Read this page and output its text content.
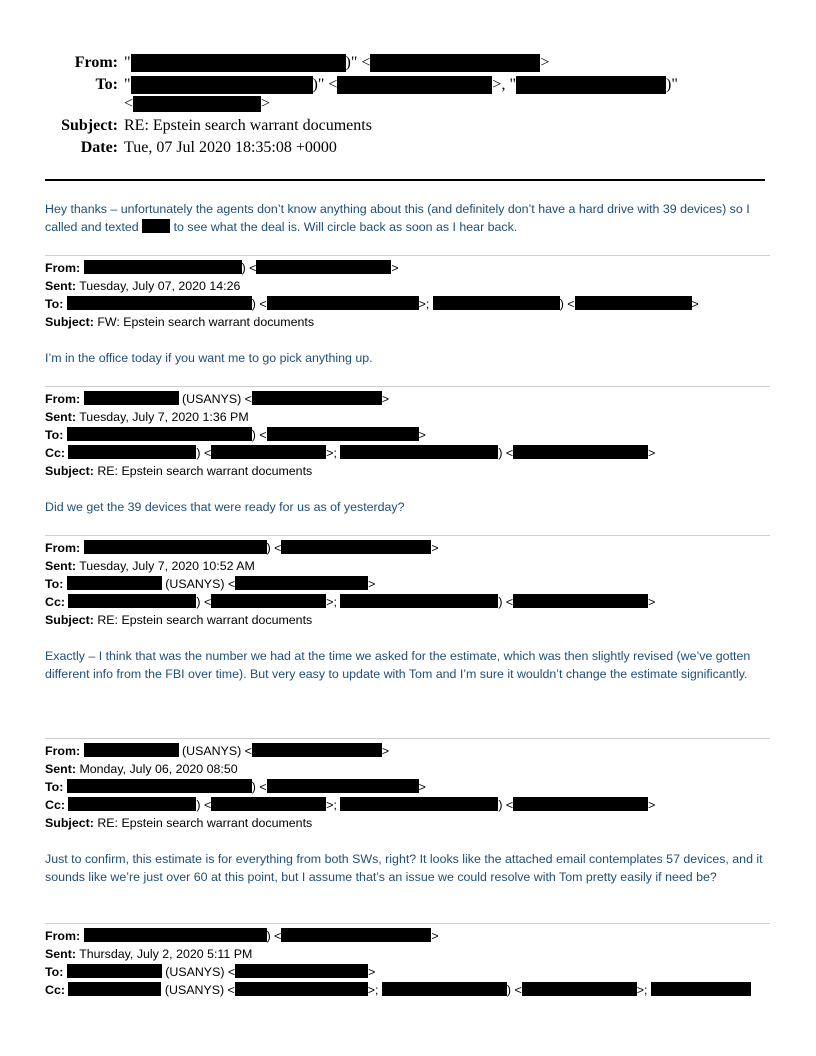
From: "	)" <	>
To: "	)" <	>, "	)"
<	>
Subject: RE: Epstein search warrant documents
Date: Tue, 07 Jul 2020 18:35:08 +0000
Hey thanks – unfortunately the agents don’t know anything about this (and definitely don’t have a hard drive with 39 devices) so I called and texted	to see what the deal is. Will circle back as soon as I hear back.
From:	) <	>
Sent: Tuesday, July 07, 2020 14:26
To:	) <	>;	) <	>
Subject: FW: Epstein search warrant documents
I’m in the office today if you want me to go pick anything up.
From:	(USANYS) <	>
Sent: Tuesday, July 7, 2020 1:36 PM
To:	) <	>
Cc:	) <	>;	) <	>
Subject: RE: Epstein search warrant documents
Did we get the 39 devices that were ready for us as of yesterday?
From:	) <	>
Sent: Tuesday, July 7, 2020 10:52 AM
To:	(USANYS) <	>
Cc:	) <	>;	) <	>
Subject: RE: Epstein search warrant documents
Exactly – I think that was the number we had at the time we asked for the estimate, which was then slightly revised (we’ve gotten different info from the FBI over time). But very easy to update with Tom and I’m sure it wouldn’t change the estimate significantly.
From:	(USANYS) <	>
Sent: Monday, July 06, 2020 08:50
To:	) <	>
Cc:	) <	>;	) <	>
Subject: RE: Epstein search warrant documents
Just to confirm, this estimate is for everything from both SWs, right? It looks like the attached email contemplates 57 devices, and it sounds like we’re just over 60 at this point, but I assume that’s an issue we could resolve with Tom pretty easily if need be?
From:	) <	>
Sent: Thursday, July 2, 2020 5:11 PM
To:	(USANYS) <	>
Cc:	(USANYS) <	>;	) <	>;
